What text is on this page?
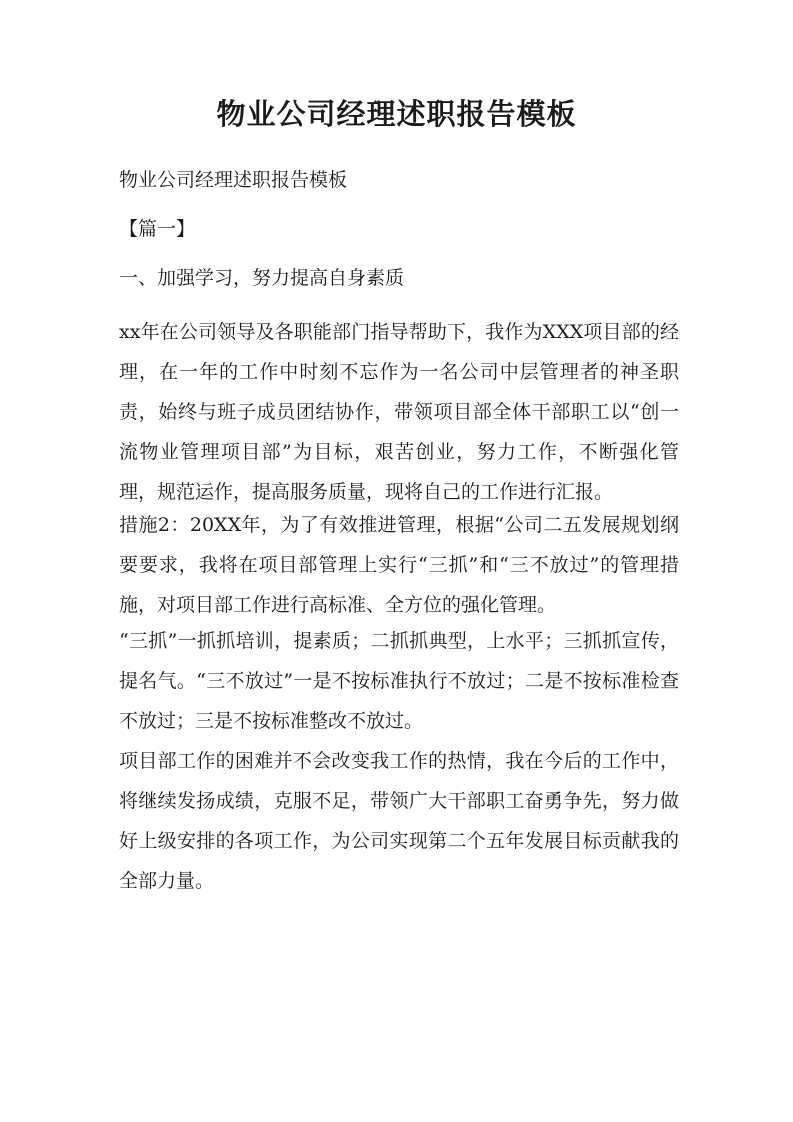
物业公司经理述职报告模板

物业公司经理述职报告模板

【篇一】

一、加强学习，努力提高自身素质

xx年在公司领导及各职能部门指导帮助下，我作为XXX项目部的经理，在一年的工作中时刻不忘作为一名公司中层管理者的神圣职责，始终与班子成员团结协作，带领项目部全体干部职工以“创一流物业管理项目部”为目标，艰苦创业，努力工作，不断强化管理，规范运作，提高服务质量，现将自己的工作进行汇报。

措施2：20XX年，为了有效推进管理，根据“公司二五发展规划纲要要求，我将在项目部管理上实行“三抓”和“三不放过”的管理措施，对项目部工作进行高标准、全方位的强化管理。

“三抓”一抓抓培训，提素质；二抓抓典型，上水平；三抓抓宣传，提名气。“三不放过”一是不按标准执行不放过；二是不按标准检查不放过；三是不按标准整改不放过。

项目部工作的困难并不会改变我工作的热情，我在今后的工作中，将继续发扬成绩，克服不足，带领广大干部职工奋勇争先，努力做好上级安排的各项工作，为公司实现第二个五年发展目标贡献我的全部力量。
